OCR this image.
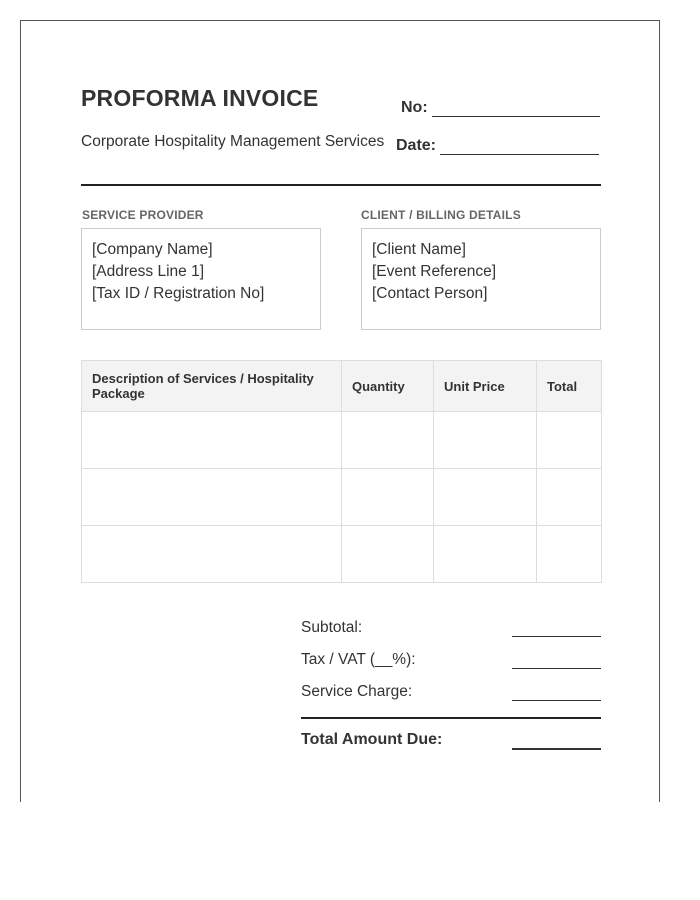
PROFORMA INVOICE
Corporate Hospitality Management Services
No:
Date:
SERVICE PROVIDER	CLIENT / BILLING DETAILS
[Company Name]
[Address Line 1]
[Tax ID / Registration No]
[Client Name]
[Event Reference]
[Contact Person]
Description of Services / Hospitality Package	Quantity	Unit Price	Total

Subtotal:
Tax / VAT (__%):
Service Charge:
Total Amount Due:
